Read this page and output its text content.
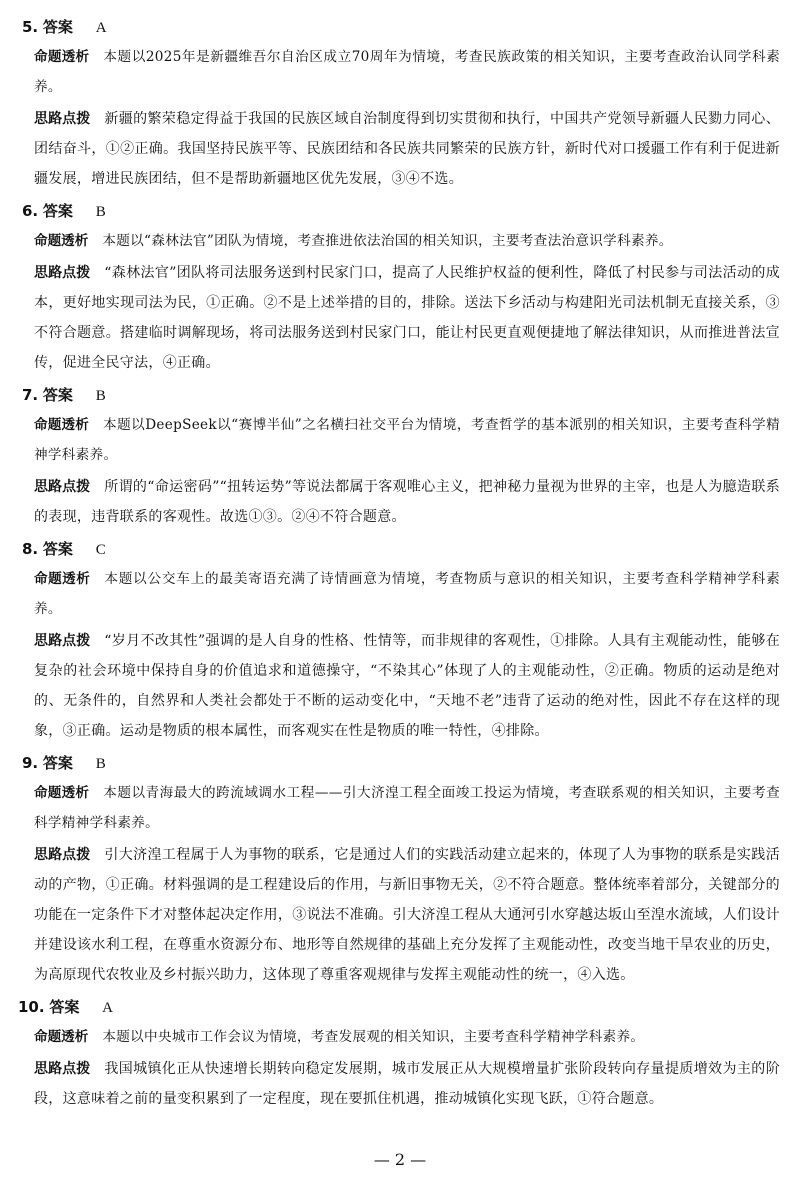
5. 答案 A

命题透析 本题以2025年是新疆维吾尔自治区成立70周年为情境，考查民族政策的相关知识，主要考查政治认同学科素养。

思路点拨 新疆的繁荣稳定得益于我国的民族区域自治制度得到切实贯彻和执行，中国共产党领导新疆人民勠力同心、团结奋斗，①②正确。我国坚持民族平等、民族团结和各民族共同繁荣的民族方针，新时代对口援疆工作有利于促进新疆发展，增进民族团结，但不是帮助新疆地区优先发展，③④不选。

6. 答案 B

命题透析 本题以“森林法官”团队为情境，考查推进依法治国的相关知识，主要考查法治意识学科素养。

思路点拨 “森林法官”团队将司法服务送到村民家门口，提高了人民维护权益的便利性，降低了村民参与司法活动的成本，更好地实现司法为民，①正确。②不是上述举措的目的，排除。送法下乡活动与构建阳光司法机制无直接关系，③不符合题意。搭建临时调解现场，将司法服务送到村民家门口，能让村民更直观便捷地了解法律知识，从而推进普法宣传，促进全民守法，④正确。

7. 答案 B

命题透析 本题以DeepSeek以“赛博半仙”之名横扫社交平台为情境，考查哲学的基本派别的相关知识，主要考查科学精神学科素养。

思路点拨 所谓的“命运密码”“扭转运势”等说法都属于客观唯心主义，把神秘力量视为世界的主宰，也是人为臆造联系的表现，违背联系的客观性。故选①③。②④不符合题意。

8. 答案 C

命题透析 本题以公交车上的最美寄语充满了诗情画意为情境，考查物质与意识的相关知识，主要考查科学精神学科素养。

思路点拨 “岁月不改其性”强调的是人自身的性格、性情等，而非规律的客观性，①排除。人具有主观能动性，能够在复杂的社会环境中保持自身的价值追求和道德操守，“不染其心”体现了人的主观能动性，②正确。物质的运动是绝对的、无条件的，自然界和人类社会都处于不断的运动变化中，“天地不老”违背了运动的绝对性，因此不存在这样的现象，③正确。运动是物质的根本属性，而客观实在性是物质的唯一特性，④排除。

9. 答案 B

命题透析 本题以青海最大的跨流域调水工程——引大济湟工程全面竣工投运为情境，考查联系观的相关知识，主要考查科学精神学科素养。

思路点拨 引大济湟工程属于人为事物的联系，它是通过人们的实践活动建立起来的，体现了人为事物的联系是实践活动的产物，①正确。材料强调的是工程建设后的作用，与新旧事物无关，②不符合题意。整体统率着部分，关键部分的功能在一定条件下才对整体起决定作用，③说法不准确。引大济湟工程从大通河引水穿越达坂山至湟水流域，人们设计并建设该水利工程，在尊重水资源分布、地形等自然规律的基础上充分发挥了主观能动性，改变当地干旱农业的历史，为高原现代农牧业及乡村振兴助力，这体现了尊重客观规律与发挥主观能动性的统一，④入选。

10. 答案 A

命题透析 本题以中央城市工作会议为情境，考查发展观的相关知识，主要考查科学精神学科素养。

思路点拨 我国城镇化正从快速增长期转向稳定发展期，城市发展正从大规模增量扩张阶段转向存量提质增效为主的阶段，这意味着之前的量变积累到了一定程度，现在要抓住机遇，推动城镇化实现飞跃，①符合题意。

— 2 —
